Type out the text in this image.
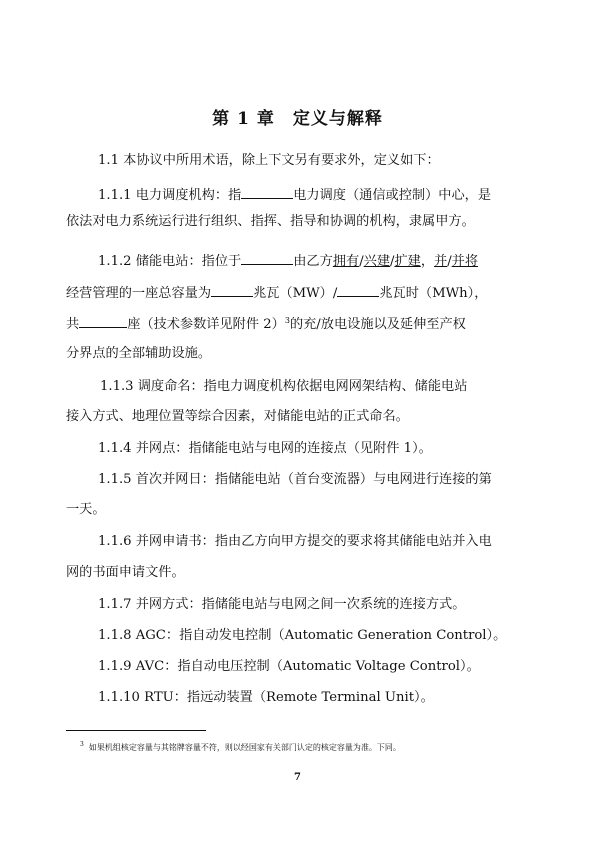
第 1 章　定义与解释
1.1 本协议中所用术语，除上下文另有要求外，定义如下：
1.1.1 电力调度机构：指	电力调度（通信或控制）中心，是
依法对电力系统运行进行组织、指挥、指导和协调的机构，隶属甲方。
1.1.2 储能电站：指位于	由乙方拥有/兴建/扩建，并/并将
经营管理的一座总容量为	兆瓦（MW）/	兆瓦时（MWh），
共	座（技术参数详见附件 2）$^3$的充/放电设施以及延伸至产权
分界点的全部辅助设施。
1.1.3 调度命名：指电力调度机构依据电网网架结构、储能电站
接入方式、地理位置等综合因素，对储能电站的正式命名。
1.1.4 并网点：指储能电站与电网的连接点（见附件 1）。
1.1.5 首次并网日：指储能电站（首台变流器）与电网进行连接的第
一天。
1.1.6 并网申请书：指由乙方向甲方提交的要求将其储能电站并入电
网的书面申请文件。
1.1.7 并网方式：指储能电站与电网之间一次系统的连接方式。
1.1.8 AGC：指自动发电控制（Automatic Generation Control）。
1.1.9 AVC：指自动电压控制（Automatic Voltage Control）。
1.1.10 RTU：指远动装置（Remote Terminal Unit）。
$^3$ 如果机组核定容量与其铭牌容量不符，则以经国家有关部门认定的核定容量为准。下同。
7
